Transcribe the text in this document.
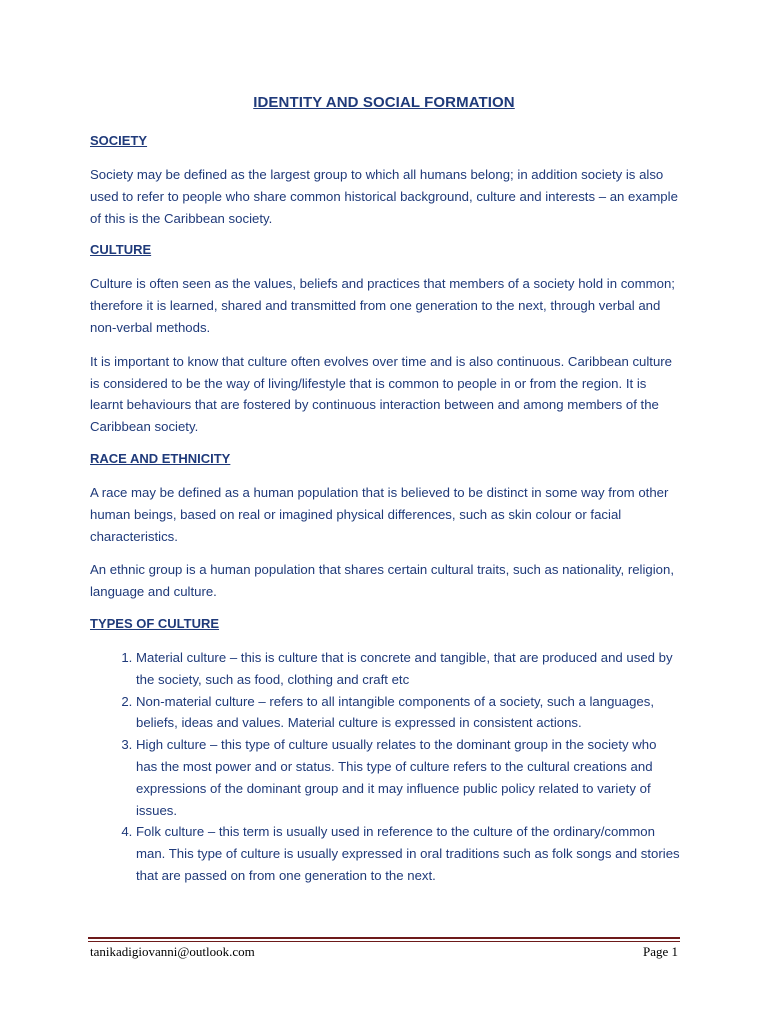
IDENTITY AND SOCIAL FORMATION
SOCIETY

Society may be defined as the largest group to which all humans belong; in addition society is also used to refer to people who share common historical background, culture and interests – an example of this is the Caribbean society.

CULTURE

Culture is often seen as the values, beliefs and practices that members of a society hold in common; therefore it is learned, shared and transmitted from one generation to the next, through verbal and non-verbal methods.

It is important to know that culture often evolves over time and is also continuous. Caribbean culture is considered to be the way of living/lifestyle that is common to people in or from the region. It is learnt behaviours that are fostered by continuous interaction between and among members of the Caribbean society.

RACE AND ETHNICITY

A race may be defined as a human population that is believed to be distinct in some way from other human beings, based on real or imagined physical differences, such as skin colour or facial characteristics.

An ethnic group is a human population that shares certain cultural traits, such as nationality, religion, language and culture.

TYPES OF CULTURE
1. Material culture – this is culture that is concrete and tangible, that are produced and used by the society, such as food, clothing and craft etc
2. Non-material culture – refers to all intangible components of a society, such a languages, beliefs, ideas and values. Material culture is expressed in consistent actions.
3. High culture – this type of culture usually relates to the dominant group in the society who has the most power and or status. This type of culture refers to the cultural creations and expressions of the dominant group and it may influence public policy related to variety of issues.
4. Folk culture – this term is usually used in reference to the culture of the ordinary/common man. This type of culture is usually expressed in oral traditions such as folk songs and stories that are passed on from one generation to the next.
tanikadigiovanni@outlook.com	Page 1
